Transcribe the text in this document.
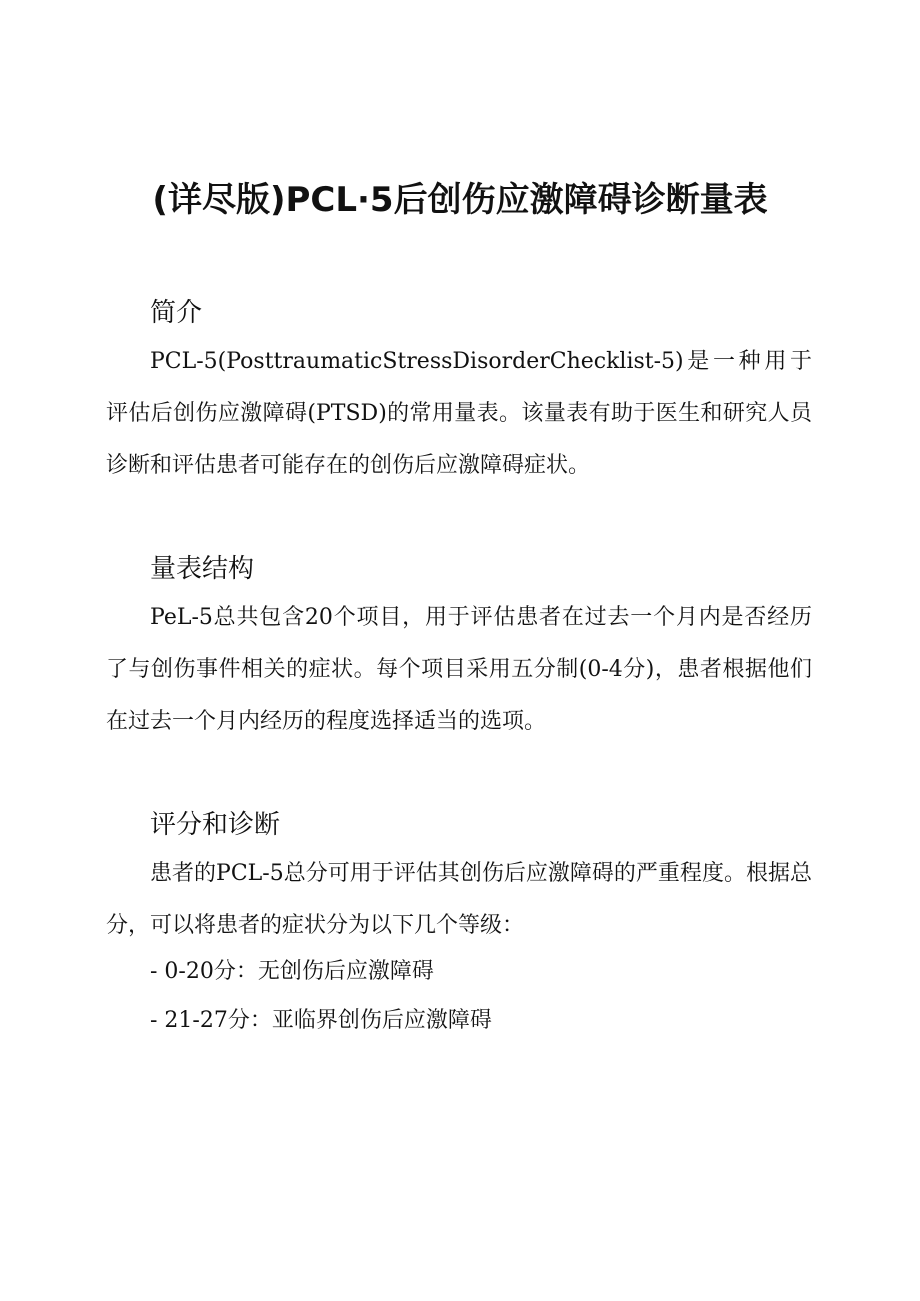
(详尽版)PCL·5后创伤应激障碍诊断量表
简介
PCL-5(PosttraumaticStressDisorderChecklist-5)是一种用于评估后创伤应激障碍(PTSD)的常用量表。该量表有助于医生和研究人员诊断和评估患者可能存在的创伤后应激障碍症状。
量表结构
PeL-5总共包含20个项目，用于评估患者在过去一个月内是否经历了与创伤事件相关的症状。每个项目采用五分制(0-4分)，患者根据他们在过去一个月内经历的程度选择适当的选项。
评分和诊断
患者的PCL-5总分可用于评估其创伤后应激障碍的严重程度。根据总分，可以将患者的症状分为以下几个等级：
- 0-20分：无创伤后应激障碍
- 21-27分：亚临界创伤后应激障碍
